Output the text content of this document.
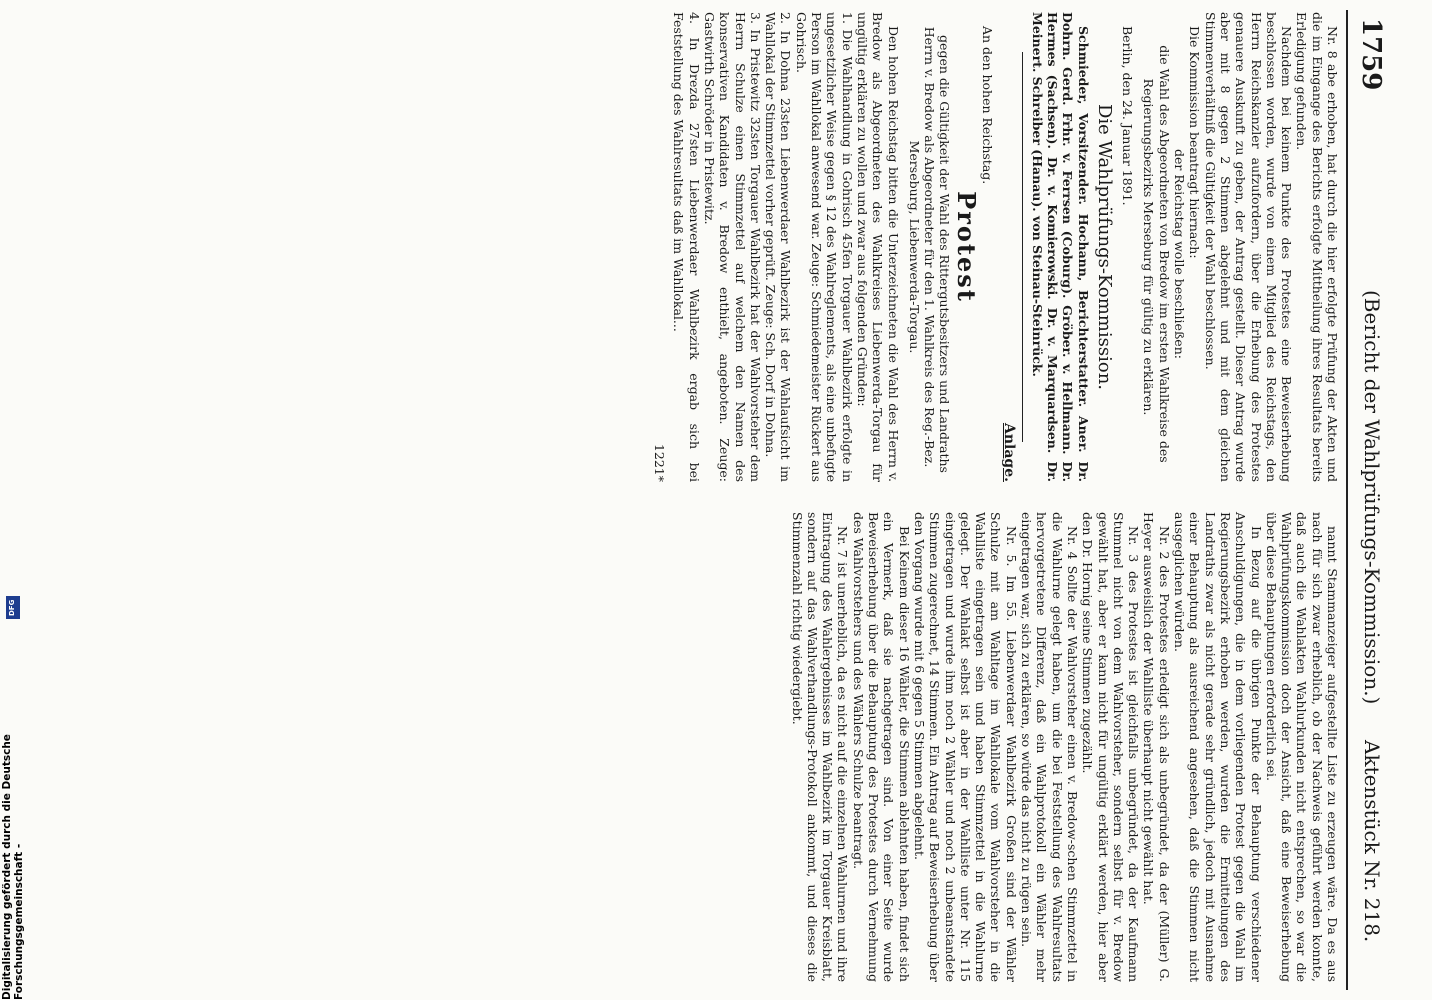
1759
(Bericht der Wahlprüfungs-Kommission.)
Aktenstück Nr. 218.

Nr. 8 abe erhoben, hat durch die hier erfolgte Prüfung der Akten und die im Eingange des Berichts erfolgte Mittheilung ihres Resultats bereits Erledigung gefunden.

Nachdem bei keinem Punkte des Protestes eine Beweiserhebung beschlossen worden, wurde von einem Mitglied des Reichstags, den Herrn Reichskanzler aufzufordern, über die Erhebung des Protestes genauere Auskunft zu geben, der Antrag gestellt. Dieser Antrag wurde aber mit 8 gegen 2 Stimmen abgelehnt und mit dem gleichen Stimmenverhältniß die Gültigkeit der Wahl beschlossen.

Die Kommission beantragt hiernach:

der Reichstag wolle beschließen:

die Wahl des Abgeordneten von Bredow im ersten Wahlkreise des Regierungsbezirks Merseburg für gültig zu erklären.

Berlin, den 24. Januar 1891.

Die Wahlprüfungs-Kommission.

Schmieder, Vorsitzender. Hochann, Berichterstatter. Aner. Dr. Dohrn. Gerd. Frhr. v. Ferrsen (Coburg). Gröber. v. Hellmann. Dr. Hermes (Sachsen). Dr. v. Komierowski. Dr. v. Marquardsen. Dr. Meinert. Schreiber (Hanau). von Steinau-Steinrück.

Anlage.

An den hohen Reichstag.

Protest

gegen die Gültigkeit der Wahl des Rittergutsbesitzers und Landraths Herrn v. Bredow als Abgeordneter für den 1. Wahlkreis des Reg.-Bez. Merseburg, Liebenwerda-Torgau.

Den hohen Reichstag bitten die Unterzeichneten die Wahl des Herrn v. Bredow als Abgeordneten des Wahlkreises Liebenwerda-Torgau für ungültig erklären zu wollen und zwar aus folgenden Gründen:

1. Die Wahlhandlung in Gohrisch 45fen Torgauer Wahlbezirk erfolgte in ungesetzlicher Weise gegen § 12 des Wahlreglements, als eine unbefugte Person im Wahllokal anwesend war. Zeuge: Schmiedemeister Rückert aus Gohrisch.
2. In Dohna 23sten Liebenwerdaer Wahlbezirk ist der Wahlaufsicht im Wahllokal der Stimmzettel vorher geprüft. Zeuge: Sch. Dorf in Dohna.
3. In Pristewitz 32sten Torgauer Wahlbezirk hat der Wahlvorsteher dem Herrn Schulze einen Stimmzettel auf welchem den Namen des konservativen Kandidaten v. Bredow enthielt, angeboten. Zeuge: Gastwirth Schröder in Pristewitz.
4. In Drezda 27sten Liebenwerdaer Wahlbezirk ergab sich bei Feststellung des Wahlresultats daß im Wahllokal...

1221*

nannt Stammanzeiger aufgestellte Liste zu erzeugen wäre. Da es aus nach für sich zwar erheblich, ob der Nachweis geführt werden konnte, daß auch die Wahlakten Wahlurkunden nicht entsprechen, so war die Wahlprüfungskommission doch der Ansicht, daß eine Beweiserhebung über diese Behauptungen erforderlich sei.

In Bezug auf die übrigen Punkte der Behauptung verschiedener Anschuldigungen, die in dem vorliegenden Protest gegen die Wahl im Regierungsbezirk erhoben werden, wurden die Ermittelungen des Landraths zwar als nicht gerade sehr gründlich, jedoch mit Ausnahme einer Behauptung als ausreichend angesehen, daß die Stimmen nicht ausgeglichen würden.

Nr. 2 des Protestes erledigt sich als unbegründet, da der (Müller) G. Heyer ausweislich der Wahlliste überhaupt nicht gewählt hat.

Nr. 3 des Protestes ist gleichfalls unbegründet, da der Kaufmann Stummel nicht von dem Wahlvorsteher, sondern selbst für v. Bredow gewählt hat, aber er kann nicht für ungültig erklärt werden, hier aber den Dr. Hornig seine Stimmen zugezählt.

Nr. 4 Sollte der Wahlvorsteher einen v. Bredow-schen Stimmzettel in die Wahlurne gelegt haben, um die bei Feststellung des Wahlresultats hervorgetretene Differenz, daß ein Wahlprotokoll ein Wähler mehr eingetragen war, sich zu erklären, so würde das nicht zu rügen sein.

Nr. 5. Im 55. Liebenwerdaer Wahlbezirk Großen sind der Wähler Schulze mit am Wahltage im Wahllokale vom Wahlvorsteher in die Wahlliste eingetragen sein und haben Stimmzettel in die Wahlurne gelegt. Der Wahlakt selbst ist aber in der Wahlliste unter Nr. 115 eingetragen und wurde ihm noch 2 Wähler und noch 2 unbeanstandete Stimmen zugerechnet, 14 Stimmen. Ein Antrag auf Beweiserhebung über den Vorgang wurde mit 6 gegen 5 Stimmen abgelehnt.

Bei Keinem dieser 16 Wähler, die Stimmen ablehnten haben, findet sich ein Vermerk, daß sie nachgetragen sind. Von einer Seite wurde Beweiserhebung über die Behauptung des Protestes durch Vernehmung des Wahlvorstehers und des Wählers Schulze beantragt.

Nr. 7 ist unerheblich, da es nicht auf die einzelnen Wahlurnen und ihre Eintragung des Wahlergebnisses im Wahlbezirk im Torgauer Kreisblatt, sondern auf das Wahlverhandlungs-Protokoll ankommt, und dieses die Stimmenzahl richtig wiedergiebt.

Digitalisierung gefördert durch die Deutsche Forschungsgemeinschaft -
DFG
